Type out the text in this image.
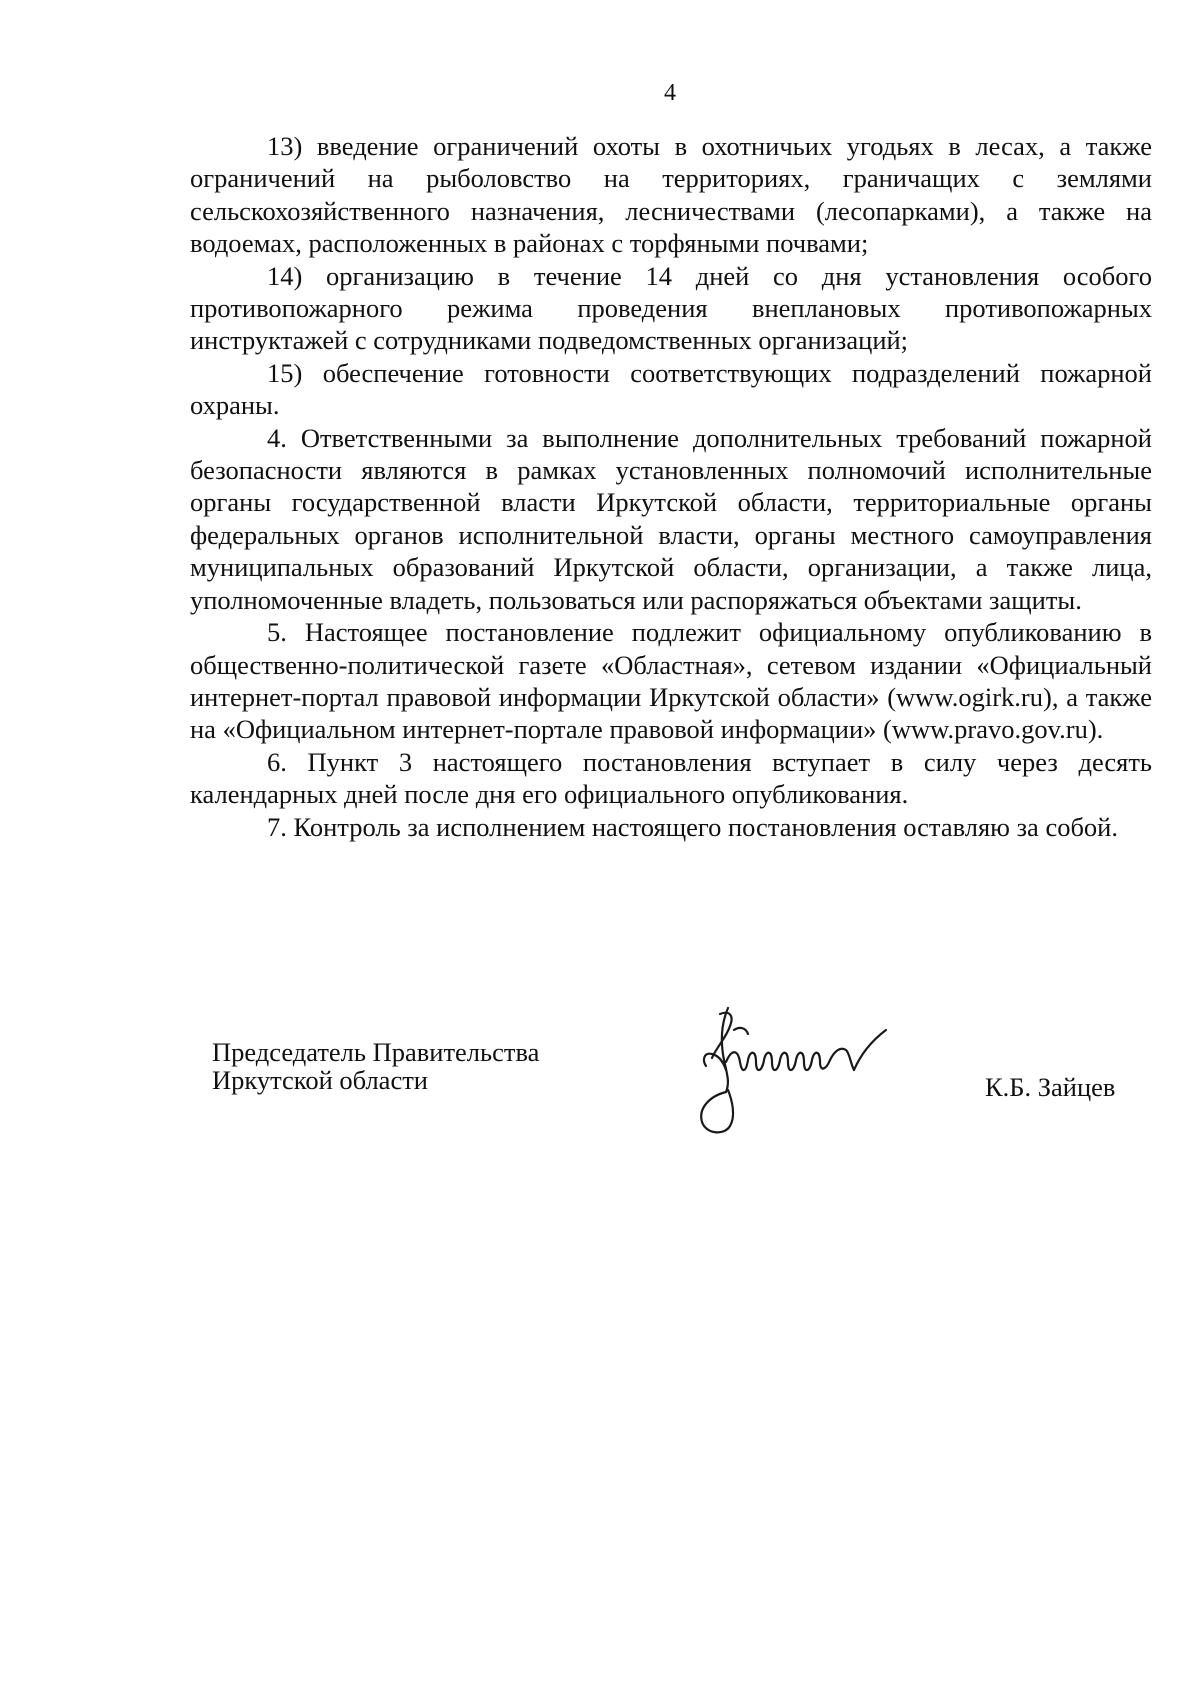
4

13) введение ограничений охоты в охотничьих угодьях в лесах, а также ограничений на рыболовство на территориях, граничащих с землями сельскохозяйственного назначения, лесничествами (лесопарками), а также на водоемах, расположенных в районах с торфяными почвами;

14) организацию в течение 14 дней со дня установления особого противопожарного режима проведения внеплановых противопожарных инструктажей с сотрудниками подведомственных организаций;

15) обеспечение готовности соответствующих подразделений пожарной охраны.

4. Ответственными за выполнение дополнительных требований пожарной безопасности являются в рамках установленных полномочий исполнительные органы государственной власти Иркутской области, территориальные органы федеральных органов исполнительной власти, органы местного самоуправления муниципальных образований Иркутской области, организации, а также лица, уполномоченные владеть, пользоваться или распоряжаться объектами защиты.

5. Настоящее постановление подлежит официальному опубликованию в общественно-политической газете «Областная», сетевом издании «Официальный интернет-портал правовой информации Иркутской области» (www.ogirk.ru), а также на «Официальном интернет-портале правовой информации» (www.pravo.gov.ru).

6. Пункт 3 настоящего постановления вступает в силу через десять календарных дней после дня его официального опубликования.

7. Контроль за исполнением настоящего постановления оставляю за собой.

Председатель Правительства
Иркутской области	К.Б. Зайцев
